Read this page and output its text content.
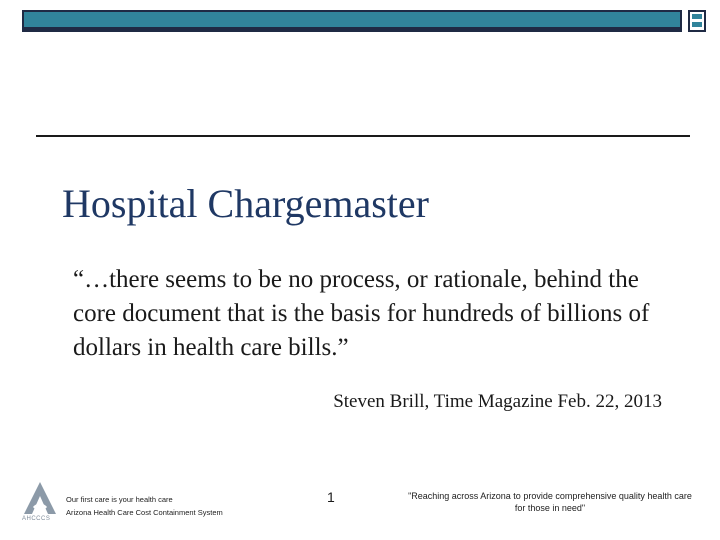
Hospital Chargemaster
“…there seems to be no process, or rationale, behind the core document that is the basis for hundreds of billions of dollars in health care bills.”
Steven Brill, Time Magazine Feb. 22, 2013
AHCCCS
Our first care is your health care
Arizona Health Care Cost Containment System
1	"Reaching across Arizona to provide comprehensive quality health care for those in need"
